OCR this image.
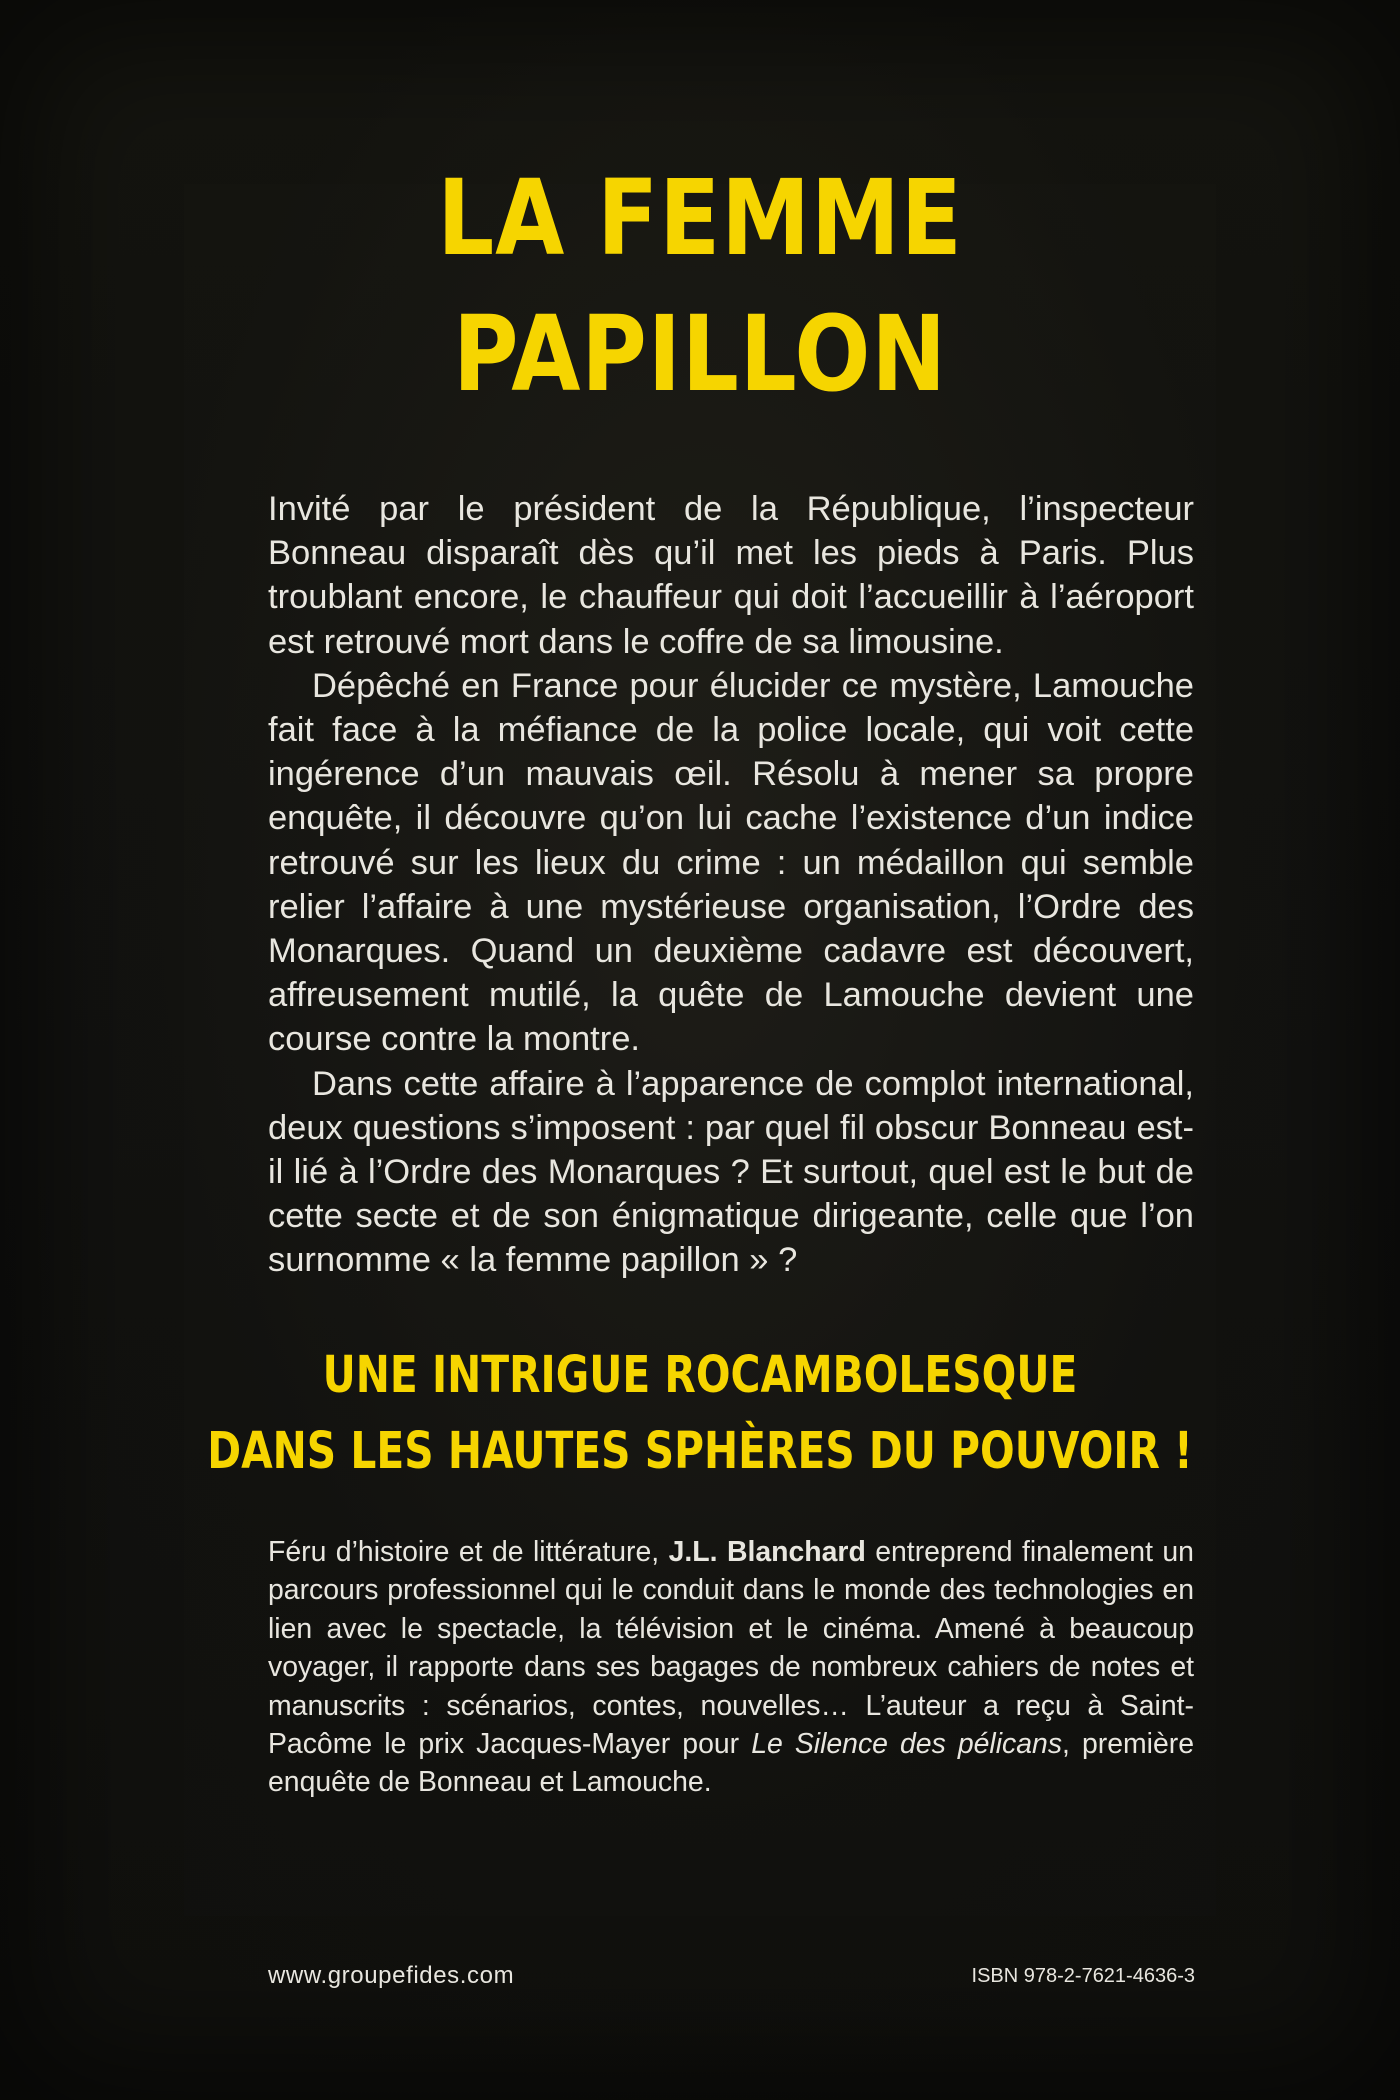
LA FEMME
PAPILLON

Invité par le président de la République, l’inspecteur Bonneau disparaît dès qu’il met les pieds à Paris. Plus troublant encore, le chauffeur qui doit l’accueillir à l’aéroport est retrouvé mort dans le coffre de sa limousine.

Dépêché en France pour élucider ce mystère, Lamouche fait face à la méfiance de la police locale, qui voit cette ingérence d’un mauvais œil. Résolu à mener sa propre enquête, il découvre qu’on lui cache l’existence d’un indice retrouvé sur les lieux du crime : un médaillon qui semble relier l’affaire à une mystérieuse organisation, l’Ordre des Monarques. Quand un deuxième cadavre est découvert, affreusement mutilé, la quête de Lamouche devient une course contre la montre.

Dans cette affaire à l’apparence de complot international, deux questions s’imposent : par quel fil obscur Bonneau est-il lié à l’Ordre des Monarques ? Et surtout, quel est le but de cette secte et de son énigmatique dirigeante, celle que l’on surnomme « la femme papillon » ?

UNE INTRIGUE ROCAMBOLESQUE
DANS LES HAUTES SPHÈRES DU POUVOIR !

Féru d’histoire et de littérature, J.L. Blanchard entreprend finalement un parcours professionnel qui le conduit dans le monde des technologies en lien avec le spectacle, la télévision et le cinéma. Amené à beaucoup voyager, il rapporte dans ses bagages de nombreux cahiers de notes et manuscrits : scénarios, contes, nouvelles… L’auteur a reçu à Saint-Pacôme le prix Jacques-Mayer pour Le Silence des pélicans, première enquête de Bonneau et Lamouche.

www.groupefides.com	ISBN 978-2-7621-4636-3
